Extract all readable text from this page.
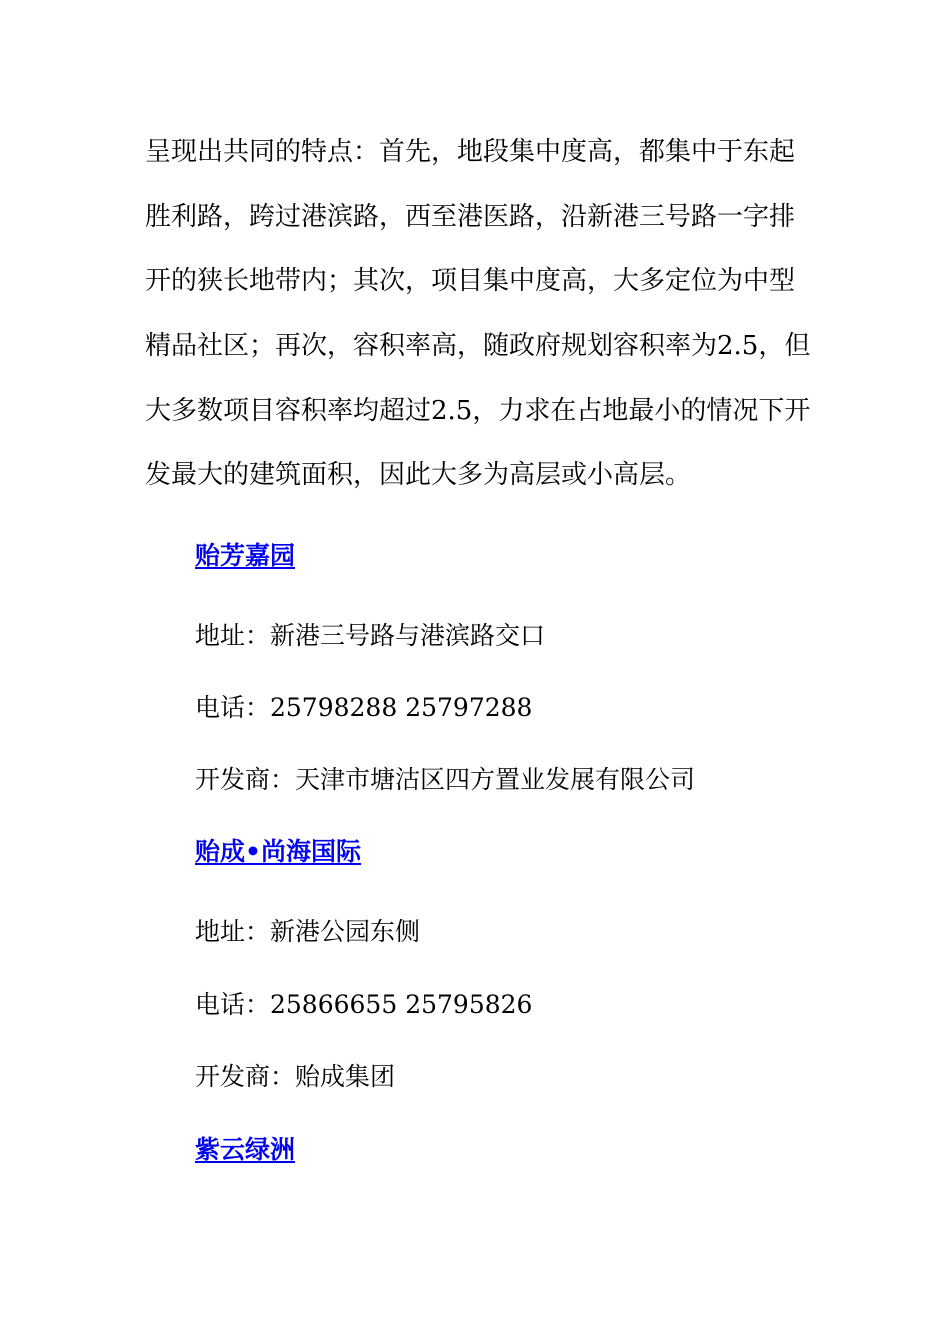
呈现出共同的特点：首先，地段集中度高，都集中于东起
胜利路，跨过港滨路，西至港医路，沿新港三号路一字排
开的狭长地带内；其次，项目集中度高，大多定位为中型
精品社区；再次，容积率高，随政府规划容积率为2.5，但
大多数项目容积率均超过2.5，力求在占地最小的情况下开
发最大的建筑面积，因此大多为高层或小高层。
贻芳嘉园
地址：新港三号路与港滨路交口
电话：25798288 25797288
开发商：天津市塘沽区四方置业发展有限公司
贻成•尚海国际
地址：新港公园东侧
电话：25866655 25795826
开发商：贻成集团
紫云绿洲
